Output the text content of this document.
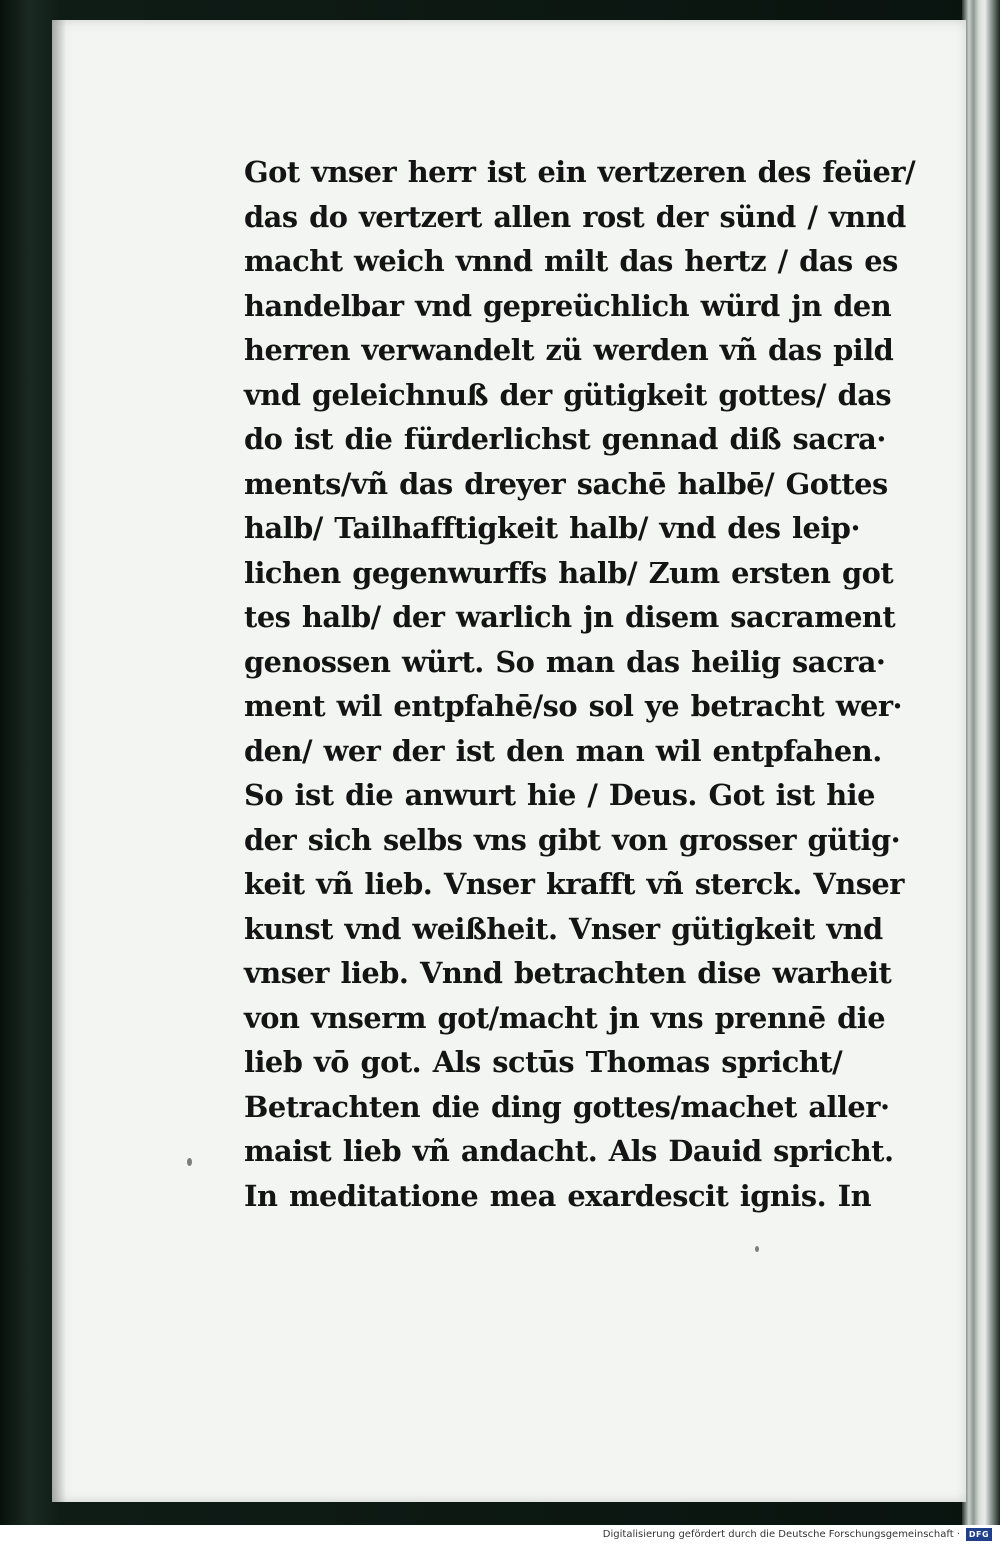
Got vnser herr ist ein vertzeren des feüer/
das do vertzert allen rost der sünd / vnnd
macht weich vnnd milt das hertz / das es
handelbar vnd gepreüchlich würd jn den
herren verwandelt zü werden vñ das pild
vnd geleichnuß der gütigkeit gottes/ das
do ist die fürderlichst gennad diß sacra·
ments/vñ das dreyer sachē halbē/ Gottes
halb/ Tailhafftigkeit halb/ vnd des leip·
lichen gegenwurffs halb/ Zum ersten got
tes halb/ der warlich jn disem sacrament
genossen würt. So man das heilig sacra·
ment wil entpfahē/so sol ye betracht wer·
den/ wer der ist den man wil entpfahen.
So ist die anwurt hie / Deus. Got ist hie
der sich selbs vns gibt von grosser gütig·
keit vñ lieb. Vnser krafft vñ sterck. Vnser
kunst vnd weißheit. Vnser gütigkeit vnd
vnser lieb. Vnnd betrachten dise warheit
von vnserm got/macht jn vns prennē die
lieb vō got. Als sctūs Thomas spricht/
Betrachten die ding gottes/machet aller·
maist lieb vñ andacht. Als Dauid spricht.
In meditatione mea exardescit ignis. In
Digitalisierung gefördert durch die Deutsche Forschungsgemeinschaft ·	DFG
